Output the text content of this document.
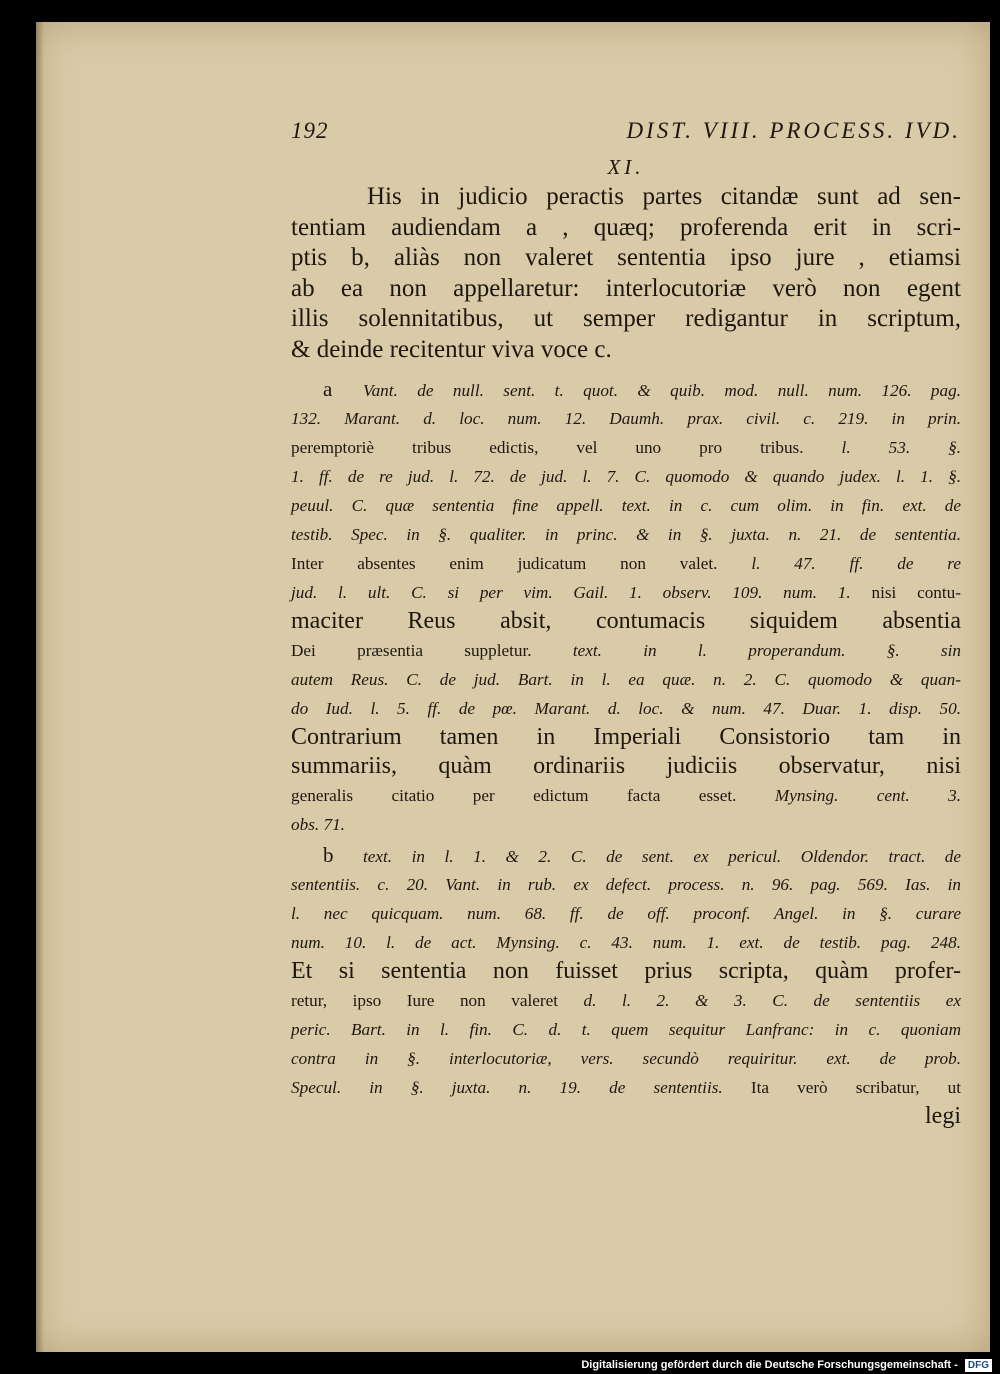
192	DIST. VIII. PROCESS. IVD.
XI.
His in judicio peractis partes citandæ sunt ad sen-
tentiam audiendam a , quæq; proferenda erit in scri-
ptis b, aliàs non valeret sententia ipso jure , etiamsi
ab ea non appellaretur: interlocutoriæ verò non egent
illis solennitatibus, ut semper redigantur in scriptum,
& deinde recitentur viva voce c.
a Vant. de null. sent. t. quot. & quib. mod. null. num. 126. pag.
132. Marant. d. loc. num. 12. Daumh. prax. civil. c. 219. in prin.
peremptoriè tribus edictis, vel uno pro tribus. l. 53. §.
1. ff. de re jud. l. 72. de jud. l. 7. C. quomodo & quando judex. l. 1. §.
peuul. C. quæ sententia fine appell. text. in c. cum olim. in fin. ext. de
testib. Spec. in §. qualiter. in princ. & in §. juxta. n. 21. de sententia.
Inter absentes enim judicatum non valet. l. 47. ff. de re
jud. l. ult. C. si per vim. Gail. 1. observ. 109. num. 1. nisi contu-
maciter Reus absit, contumacis siquidem absentia
Dei præsentia suppletur. text. in l. properandum. §. sin
autem Reus. C. de jud. Bart. in l. ea quæ. n. 2. C. quomodo & quan-
do Iud. l. 5. ff. de pœ. Marant. d. loc. & num. 47. Duar. 1. disp. 50.
Contrarium tamen in Imperiali Consistorio tam in
summariis, quàm ordinariis judiciis observatur, nisi
generalis citatio per edictum facta esset. Mynsing. cent. 3.
obs. 71.
b text. in l. 1. & 2. C. de sent. ex pericul. Oldendor. tract. de
sententiis. c. 20. Vant. in rub. ex defect. process. n. 96. pag. 569. Ias. in
l. nec quicquam. num. 68. ff. de off. proconf. Angel. in §. curare
num. 10. l. de act. Mynsing. c. 43. num. 1. ext. de testib. pag. 248.
Et si sententia non fuisset prius scripta, quàm profer-
retur, ipso Iure non valeret d. l. 2. & 3. C. de sententiis ex
peric. Bart. in l. fin. C. d. t. quem sequitur Lanfranc: in c. quoniam
contra in §. interlocutoriæ, vers. secundò requiritur. ext. de prob.
Specul. in §. juxta. n. 19. de sententiis. Ita verò scribatur, ut
legi
Digitalisierung gefördert durch die Deutsche Forschungsgemeinschaft - DFG
